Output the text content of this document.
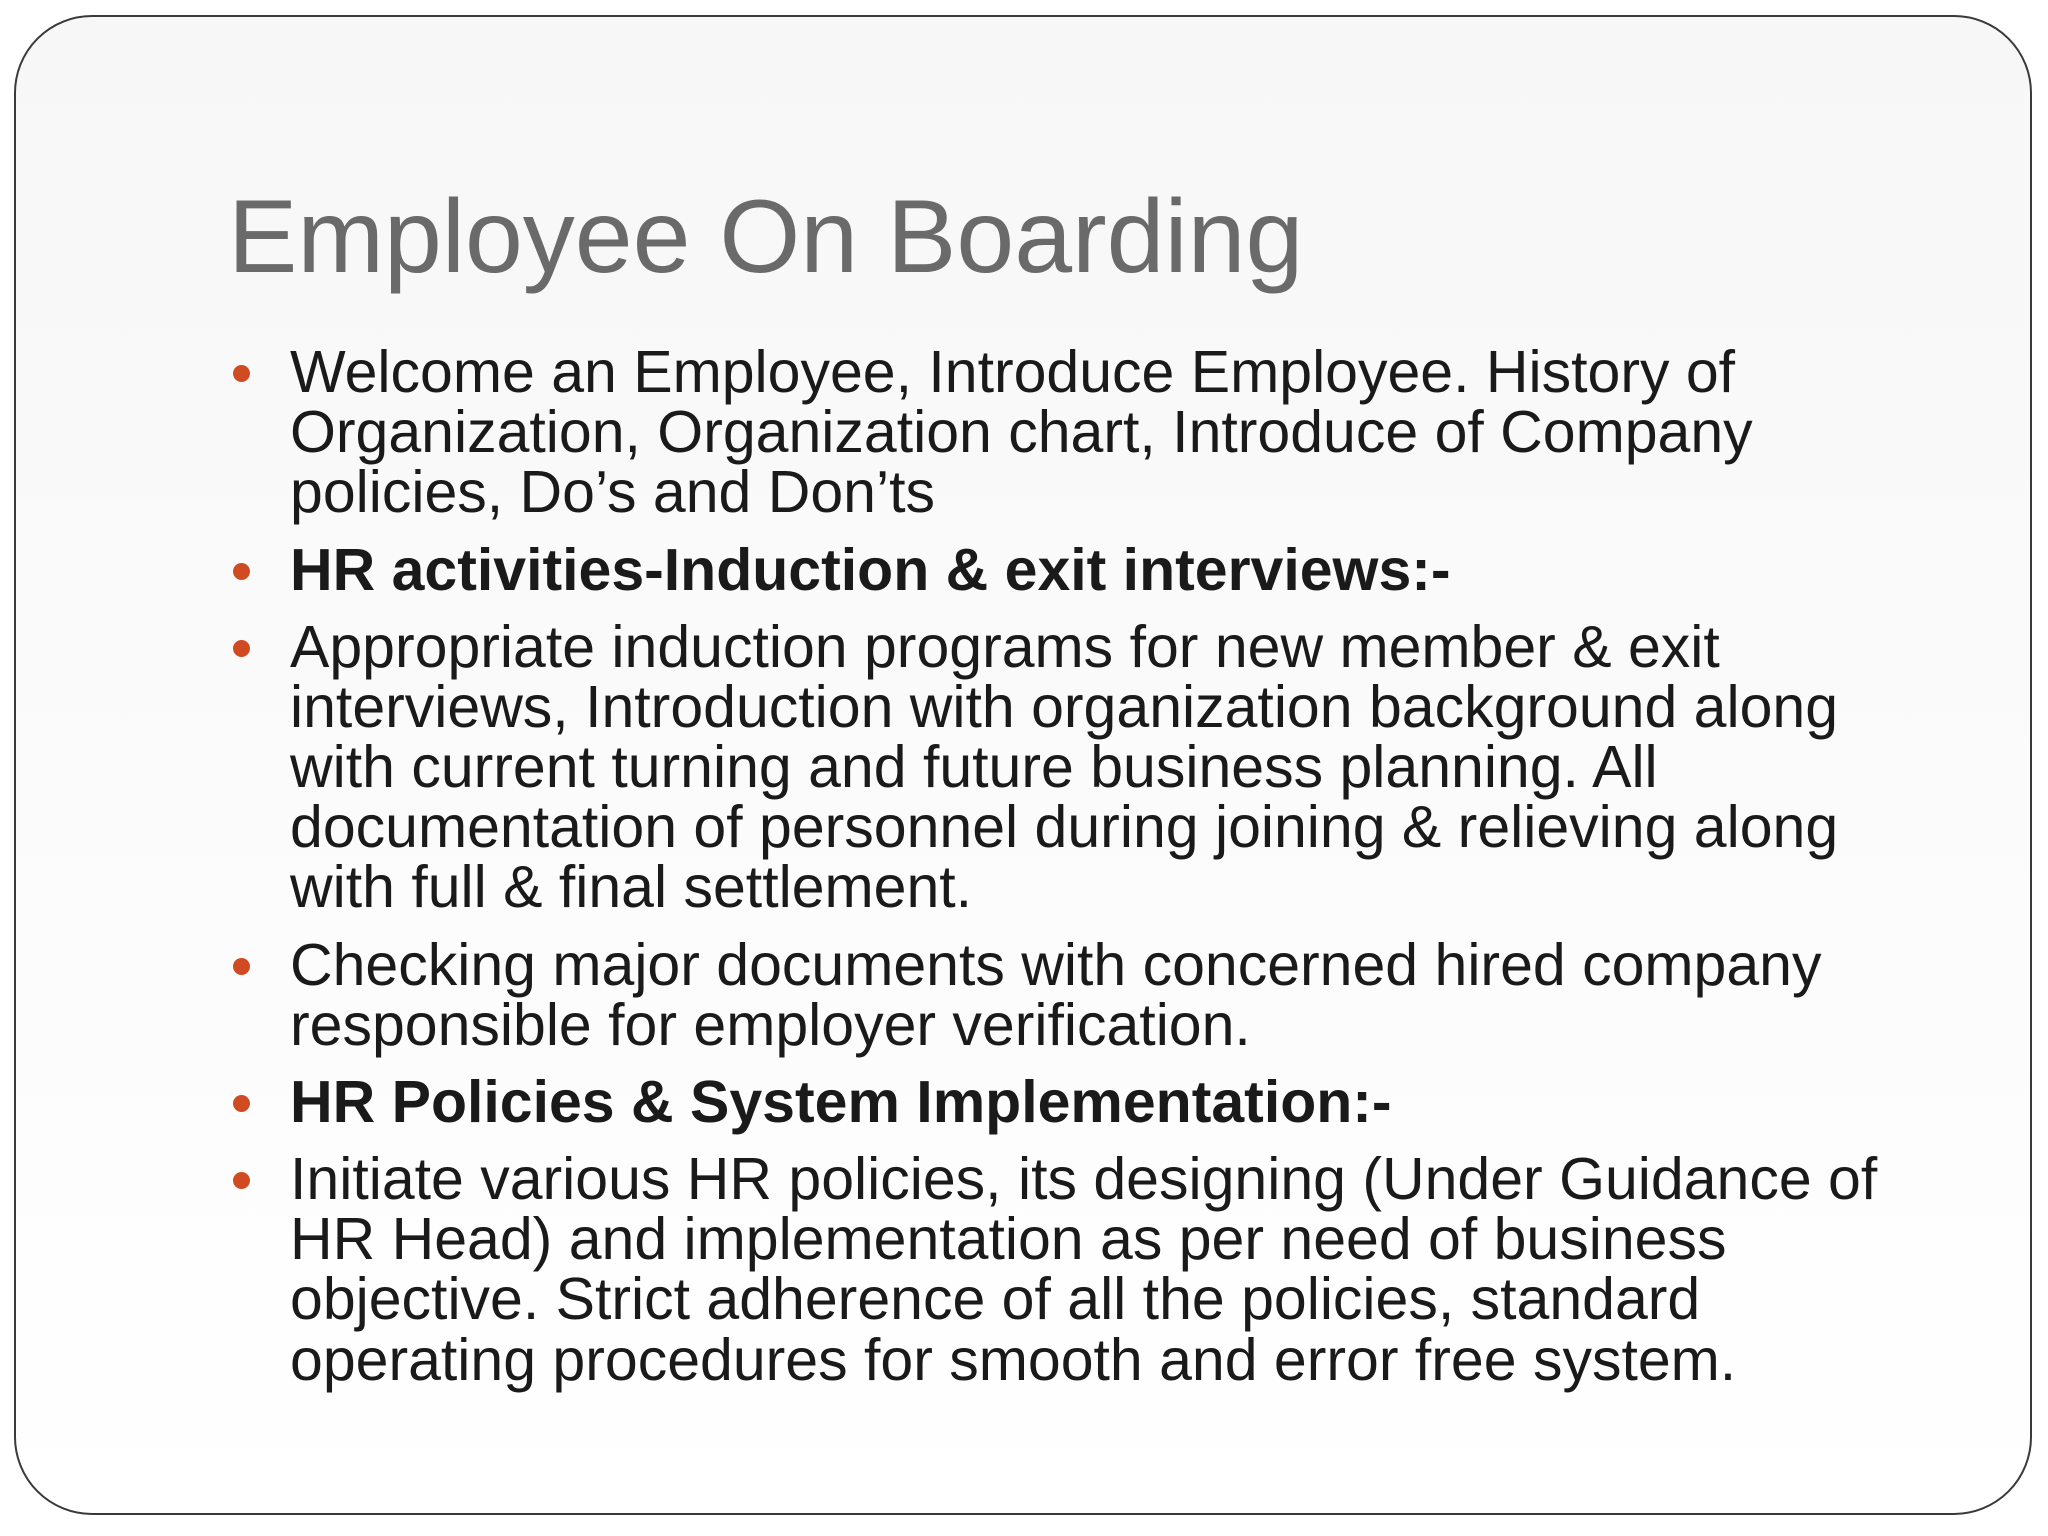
Employee On Boarding
Welcome an Employee, Introduce Employee. History of Organization, Organization chart, Introduce of Company policies, Do’s and Don’ts
HR activities-Induction & exit interviews:-
Appropriate induction programs for new member & exit interviews, Introduction with organization background along with current turning and future business planning. All documentation of personnel during joining & relieving along with full & final settlement.
Checking major documents with concerned hired company responsible for employer verification.
HR Policies & System Implementation:-
Initiate various HR policies, its designing (Under Guidance of HR Head) and implementation as per need of business objective. Strict adherence of all the policies, standard operating procedures for smooth and error free system.
